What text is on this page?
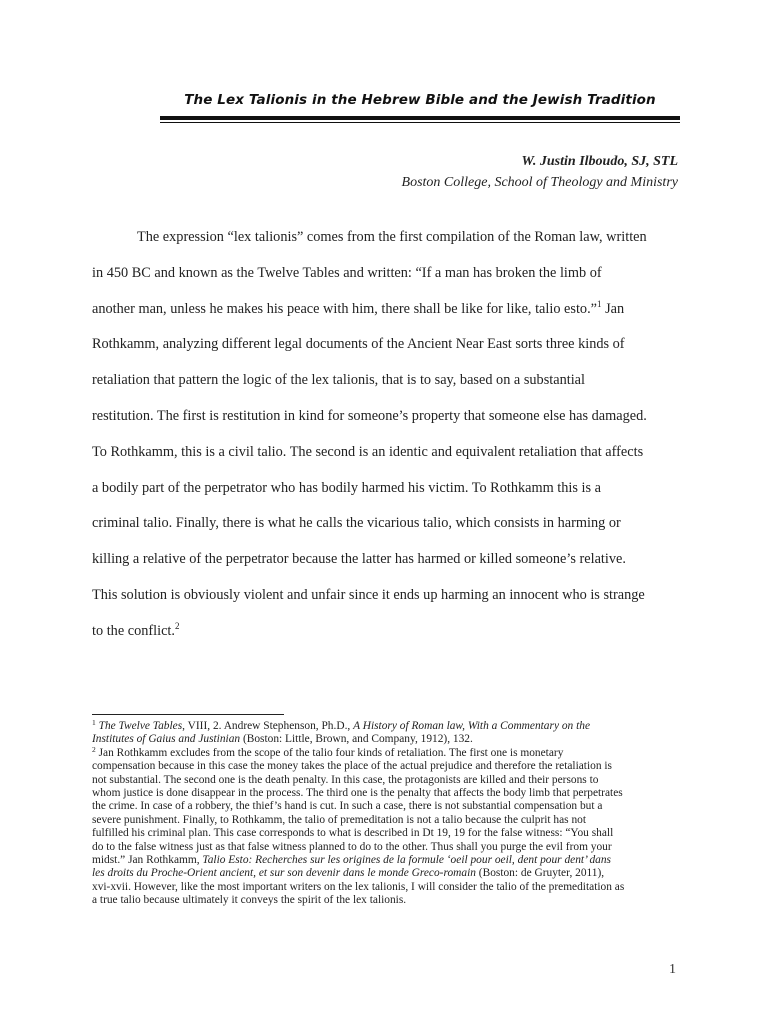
The Lex Talionis in the Hebrew Bible and the Jewish Tradition
W. Justin Ilboudo, SJ, STL
Boston College, School of Theology and Ministry
The expression “lex talionis” comes from the first compilation of the Roman law, written
in 450 BC and known as the Twelve Tables and written: “If a man has broken the limb of
another man, unless he makes his peace with him, there shall be like for like, talio esto.”$^1$ Jan
Rothkamm, analyzing different legal documents of the Ancient Near East sorts three kinds of
retaliation that pattern the logic of the lex talionis, that is to say, based on a substantial
restitution. The first is restitution in kind for someone’s property that someone else has damaged.
To Rothkamm, this is a civil talio. The second is an identic and equivalent retaliation that affects
a bodily part of the perpetrator who has bodily harmed his victim. To Rothkamm this is a
criminal talio. Finally, there is what he calls the vicarious talio, which consists in harming or
killing a relative of the perpetrator because the latter has harmed or killed someone’s relative.
This solution is obviously violent and unfair since it ends up harming an innocent who is strange
to the conflict.$^2$
$^1$ The Twelve Tables, VIII, 2. Andrew Stephenson, Ph.D., A History of Roman law, With a Commentary on the
Institutes of Gaius and Justinian (Boston: Little, Brown, and Company, 1912), 132.
$^2$ Jan Rothkamm excludes from the scope of the talio four kinds of retaliation. The first one is monetary
compensation because in this case the money takes the place of the actual prejudice and therefore the retaliation is
not substantial. The second one is the death penalty. In this case, the protagonists are killed and their persons to
whom justice is done disappear in the process. The third one is the penalty that affects the body limb that perpetrates
the crime. In case of a robbery, the thief’s hand is cut. In such a case, there is not substantial compensation but a
severe punishment. Finally, to Rothkamm, the talio of premeditation is not a talio because the culprit has not
fulfilled his criminal plan. This case corresponds to what is described in Dt 19, 19 for the false witness: “You shall
do to the false witness just as that false witness planned to do to the other. Thus shall you purge the evil from your
midst.” Jan Rothkamm, Talio Esto: Recherches sur les origines de la formule ‘oeil pour oeil, dent pour dent’ dans
les droits du Proche-Orient ancient, et sur son devenir dans le monde Greco-romain (Boston: de Gruyter, 2011),
xvi-xvii. However, like the most important writers on the lex talionis, I will consider the talio of the premeditation as
a true talio because ultimately it conveys the spirit of the lex talionis.
1
